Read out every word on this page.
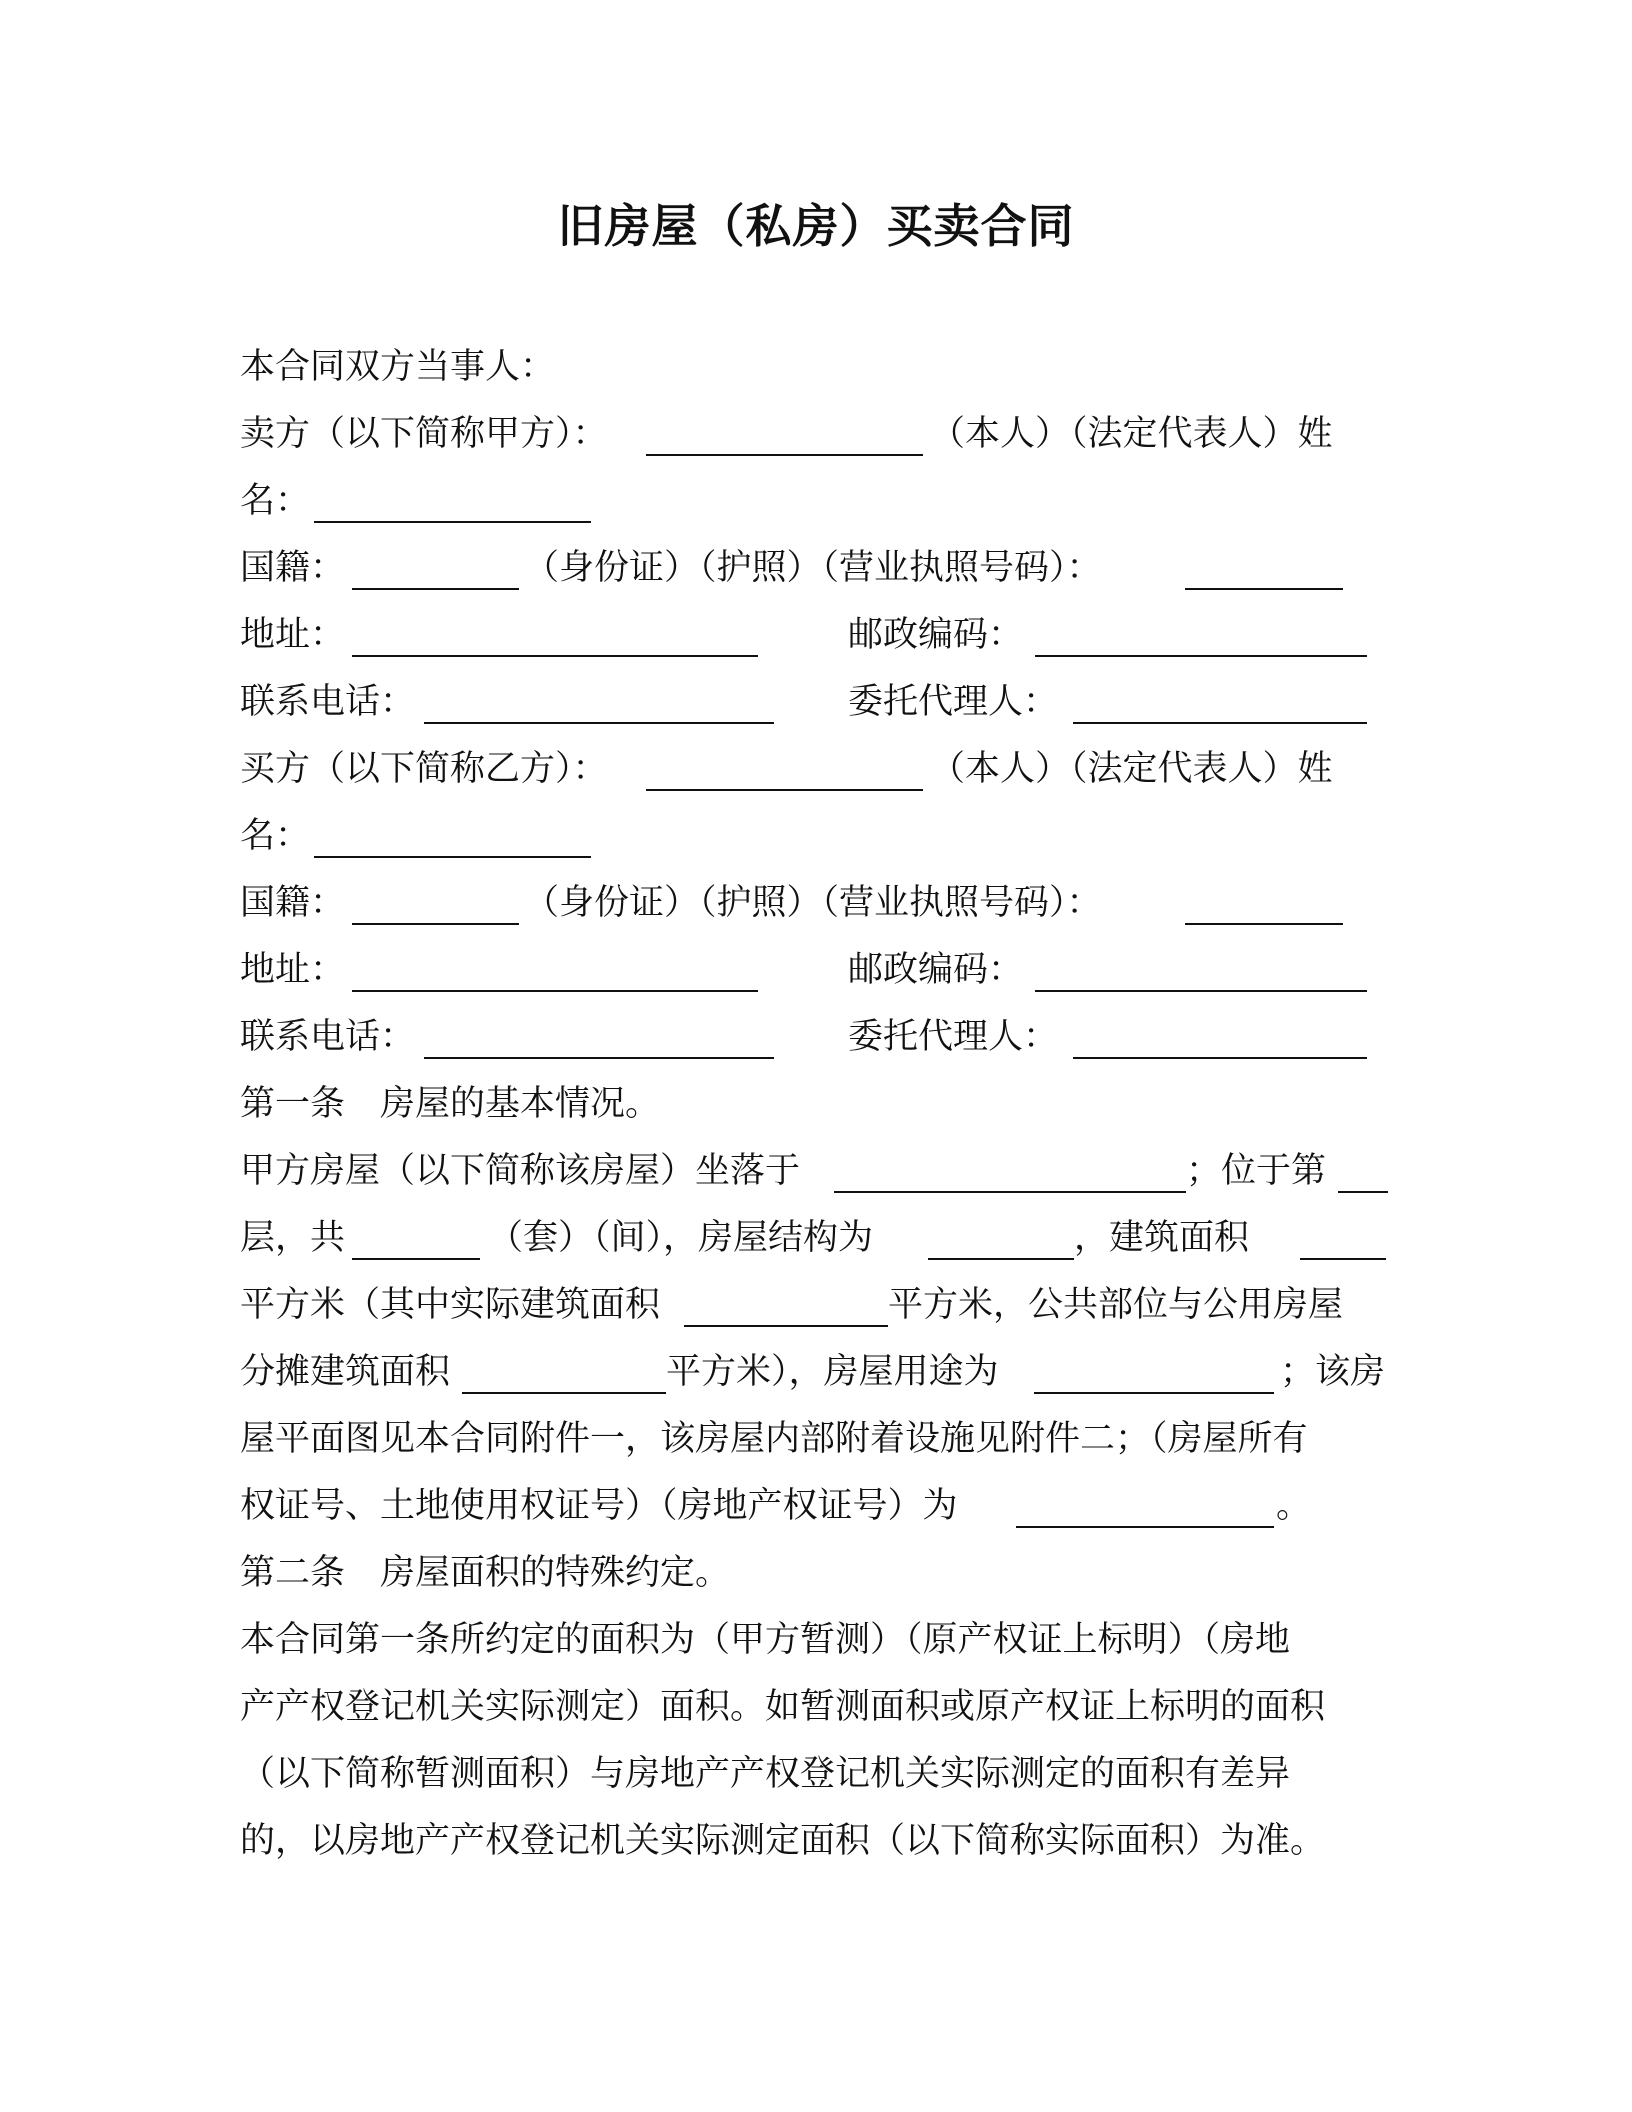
旧房屋（私房）买卖合同
本合同双方当事人：
卖方（以下简称甲方）：	（本人）（法定代表人）姓
名：
国籍：	（身份证）（护照）（营业执照号码）：
地址：	邮政编码：
联系电话：	委托代理人：
买方（以下简称乙方）：	（本人）（法定代表人）姓
名：
国籍：	（身份证）（护照）（营业执照号码）：
地址：	邮政编码：
联系电话：	委托代理人：
第一条　房屋的基本情况。
甲方房屋（以下简称该房屋）坐落于	；位于第
层，共	（套）（间），房屋结构为	，建筑面积
平方米（其中实际建筑面积	平方米，公共部位与公用房屋
分摊建筑面积	平方米），房屋用途为	；该房
屋平面图见本合同附件一，该房屋内部附着设施见附件二；（房屋所有
权证号、土地使用权证号）（房地产权证号）为	。
第二条　房屋面积的特殊约定。
本合同第一条所约定的面积为（甲方暂测）（原产权证上标明）（房地
产产权登记机关实际测定）面积。如暂测面积或原产权证上标明的面积
（以下简称暂测面积）与房地产产权登记机关实际测定的面积有差异
的，以房地产产权登记机关实际测定面积（以下简称实际面积）为准。
